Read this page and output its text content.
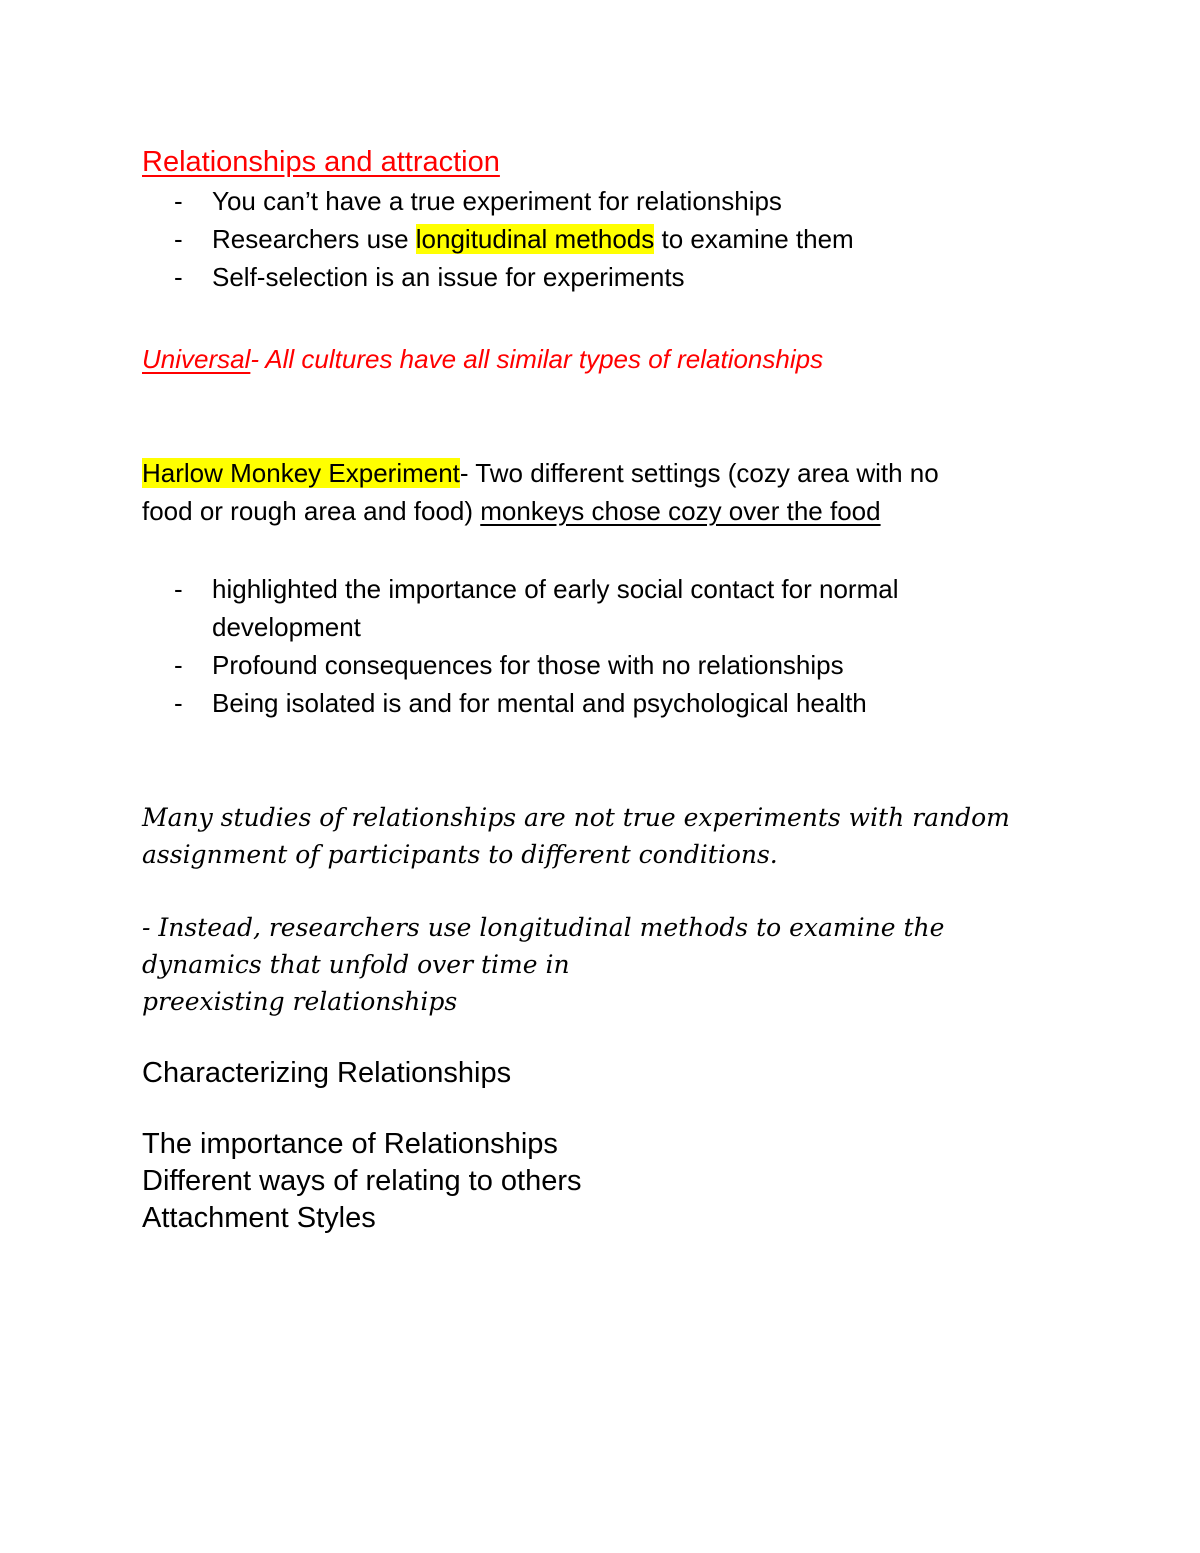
Relationships and attraction
- You can’t have a true experiment for relationships
- Researchers use longitudinal methods to examine them
- Self-selection is an issue for experiments
Universal- All cultures have all similar types of relationships
Harlow Monkey Experiment- Two different settings (cozy area with no
food or rough area and food) monkeys chose cozy over the food
- highlighted the importance of early social contact for normal
development
- Profound consequences for those with no relationships
- Being isolated is and for mental and psychological health
Many studies of relationships are not true experiments with random
assignment of participants to different conditions.
- Instead, researchers use longitudinal methods to examine the
dynamics that unfold over time in
preexisting relationships
Characterizing Relationships
The importance of Relationships
Different ways of relating to others
Attachment Styles
